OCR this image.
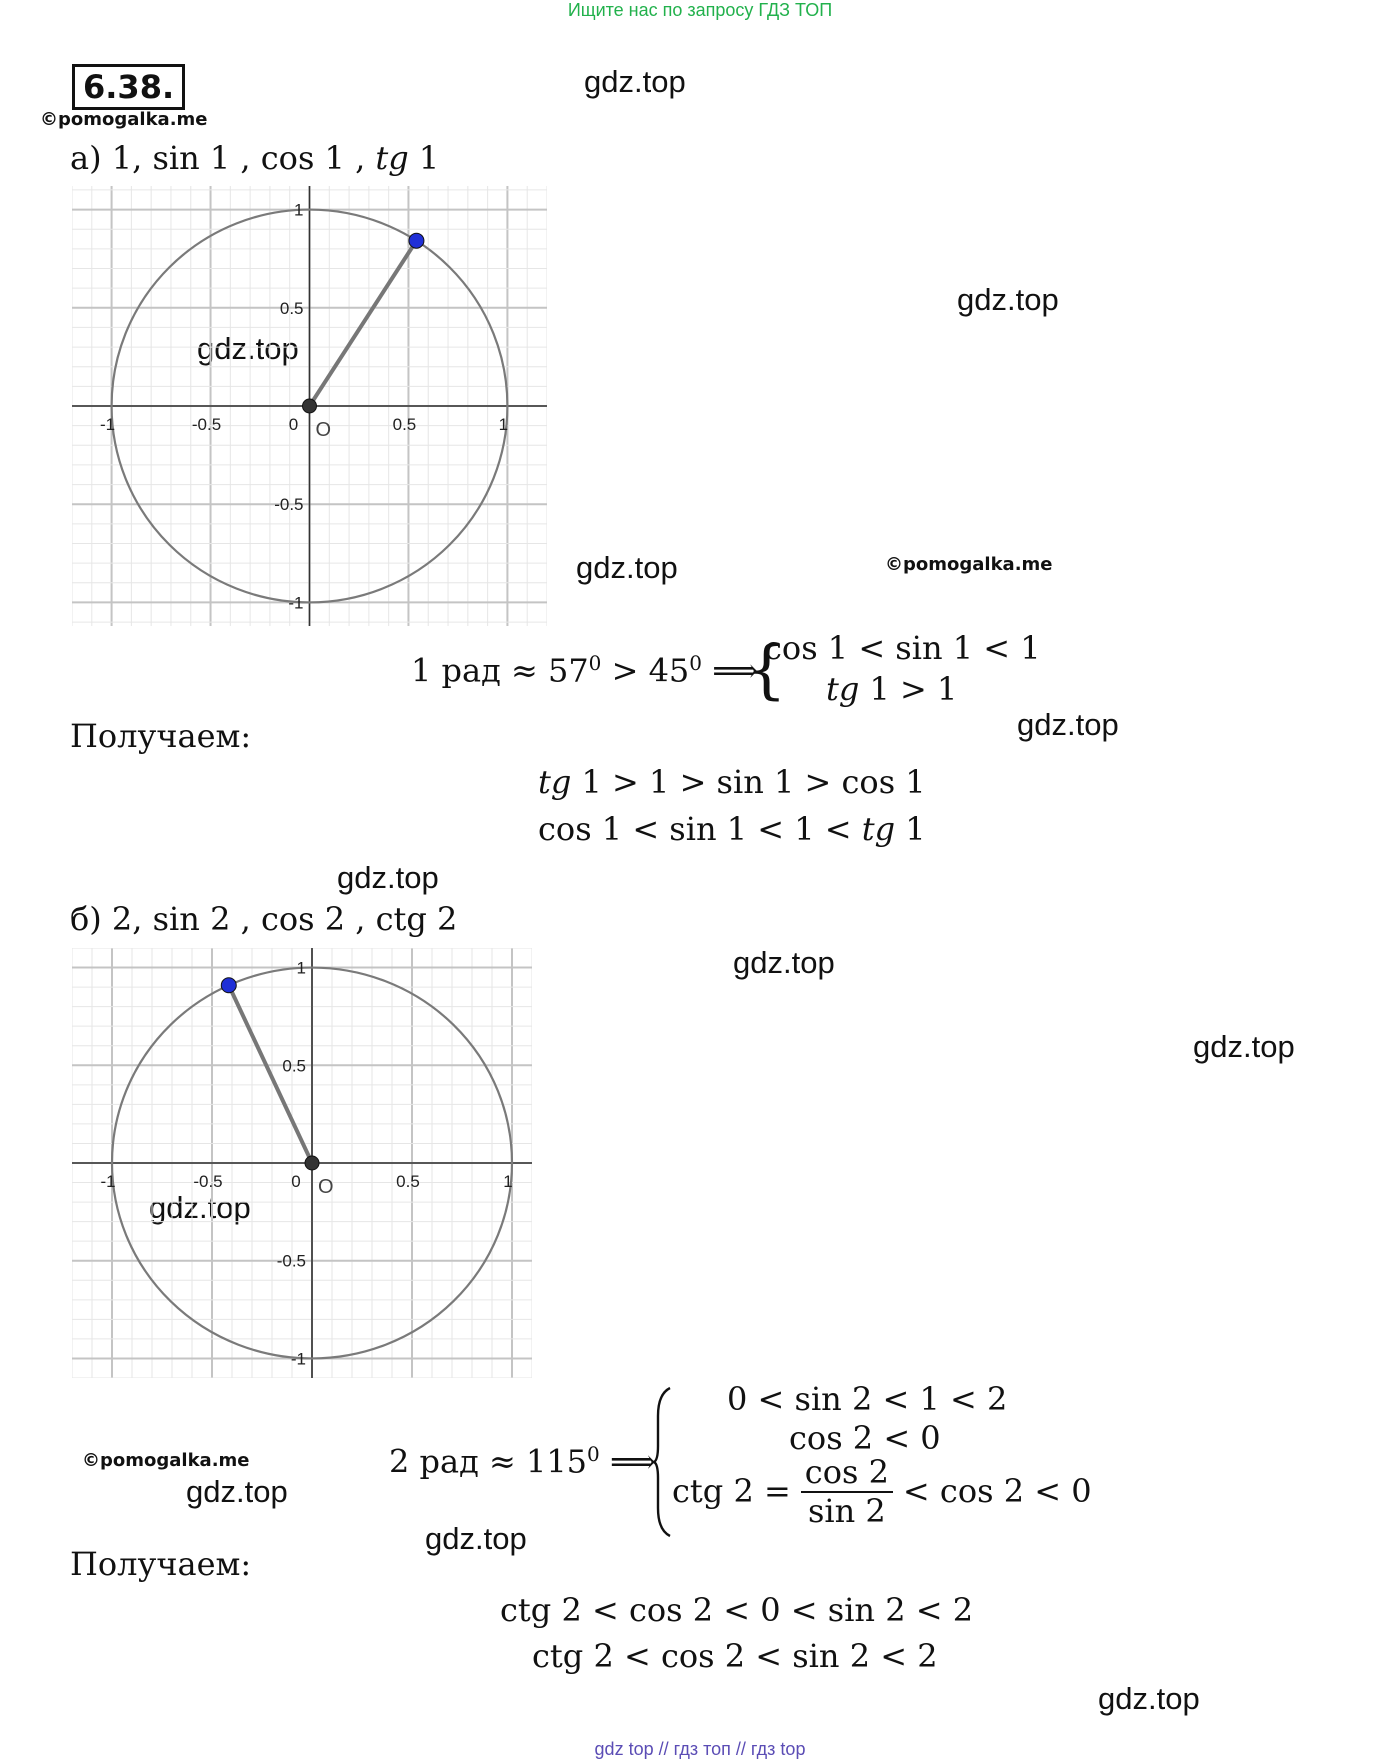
Ищите нас по запросу ГДЗ ТОП
6.38.
©pomogalka.me
gdz.top
gdz.top
gdz.top
gdz.top	©pomogalka.me
gdz.top
gdz.top
gdz.top
gdz.top
gdz.top
©pomogalka.me
gdz.top
gdz.top
gdz.top
а) 1, sin 1 , cos 1 , tg 1
-1	-0.5	0	0.5	1
1
0.5
-0.5
-1
O
1 рад ≈ $57^0 > 45^0$ ⟹
{
cos 1 < sin 1 < 1
tg 1 > 1
Получаем:
tg 1 > 1 > sin 1 > cos 1
cos 1 < sin 1 < 1 < tg 1
б) 2, sin 2 , cos 2 , ctg 2
-1	-0.5	0	0.5	1
1
0.5
-0.5
-1
O
2 рад ≈ $115^0$ ⟹
0 < sin 2 < 1 < 2
cos 2 < 0
ctg $2 = \frac{\cos 2}{\sin 2} < \cos 2 < 0$
Получаем:
ctg 2 < cos 2 < 0 < sin 2 < 2
ctg 2 < cos 2 < sin 2 < 2
gdz top // гдз топ // гдз top
